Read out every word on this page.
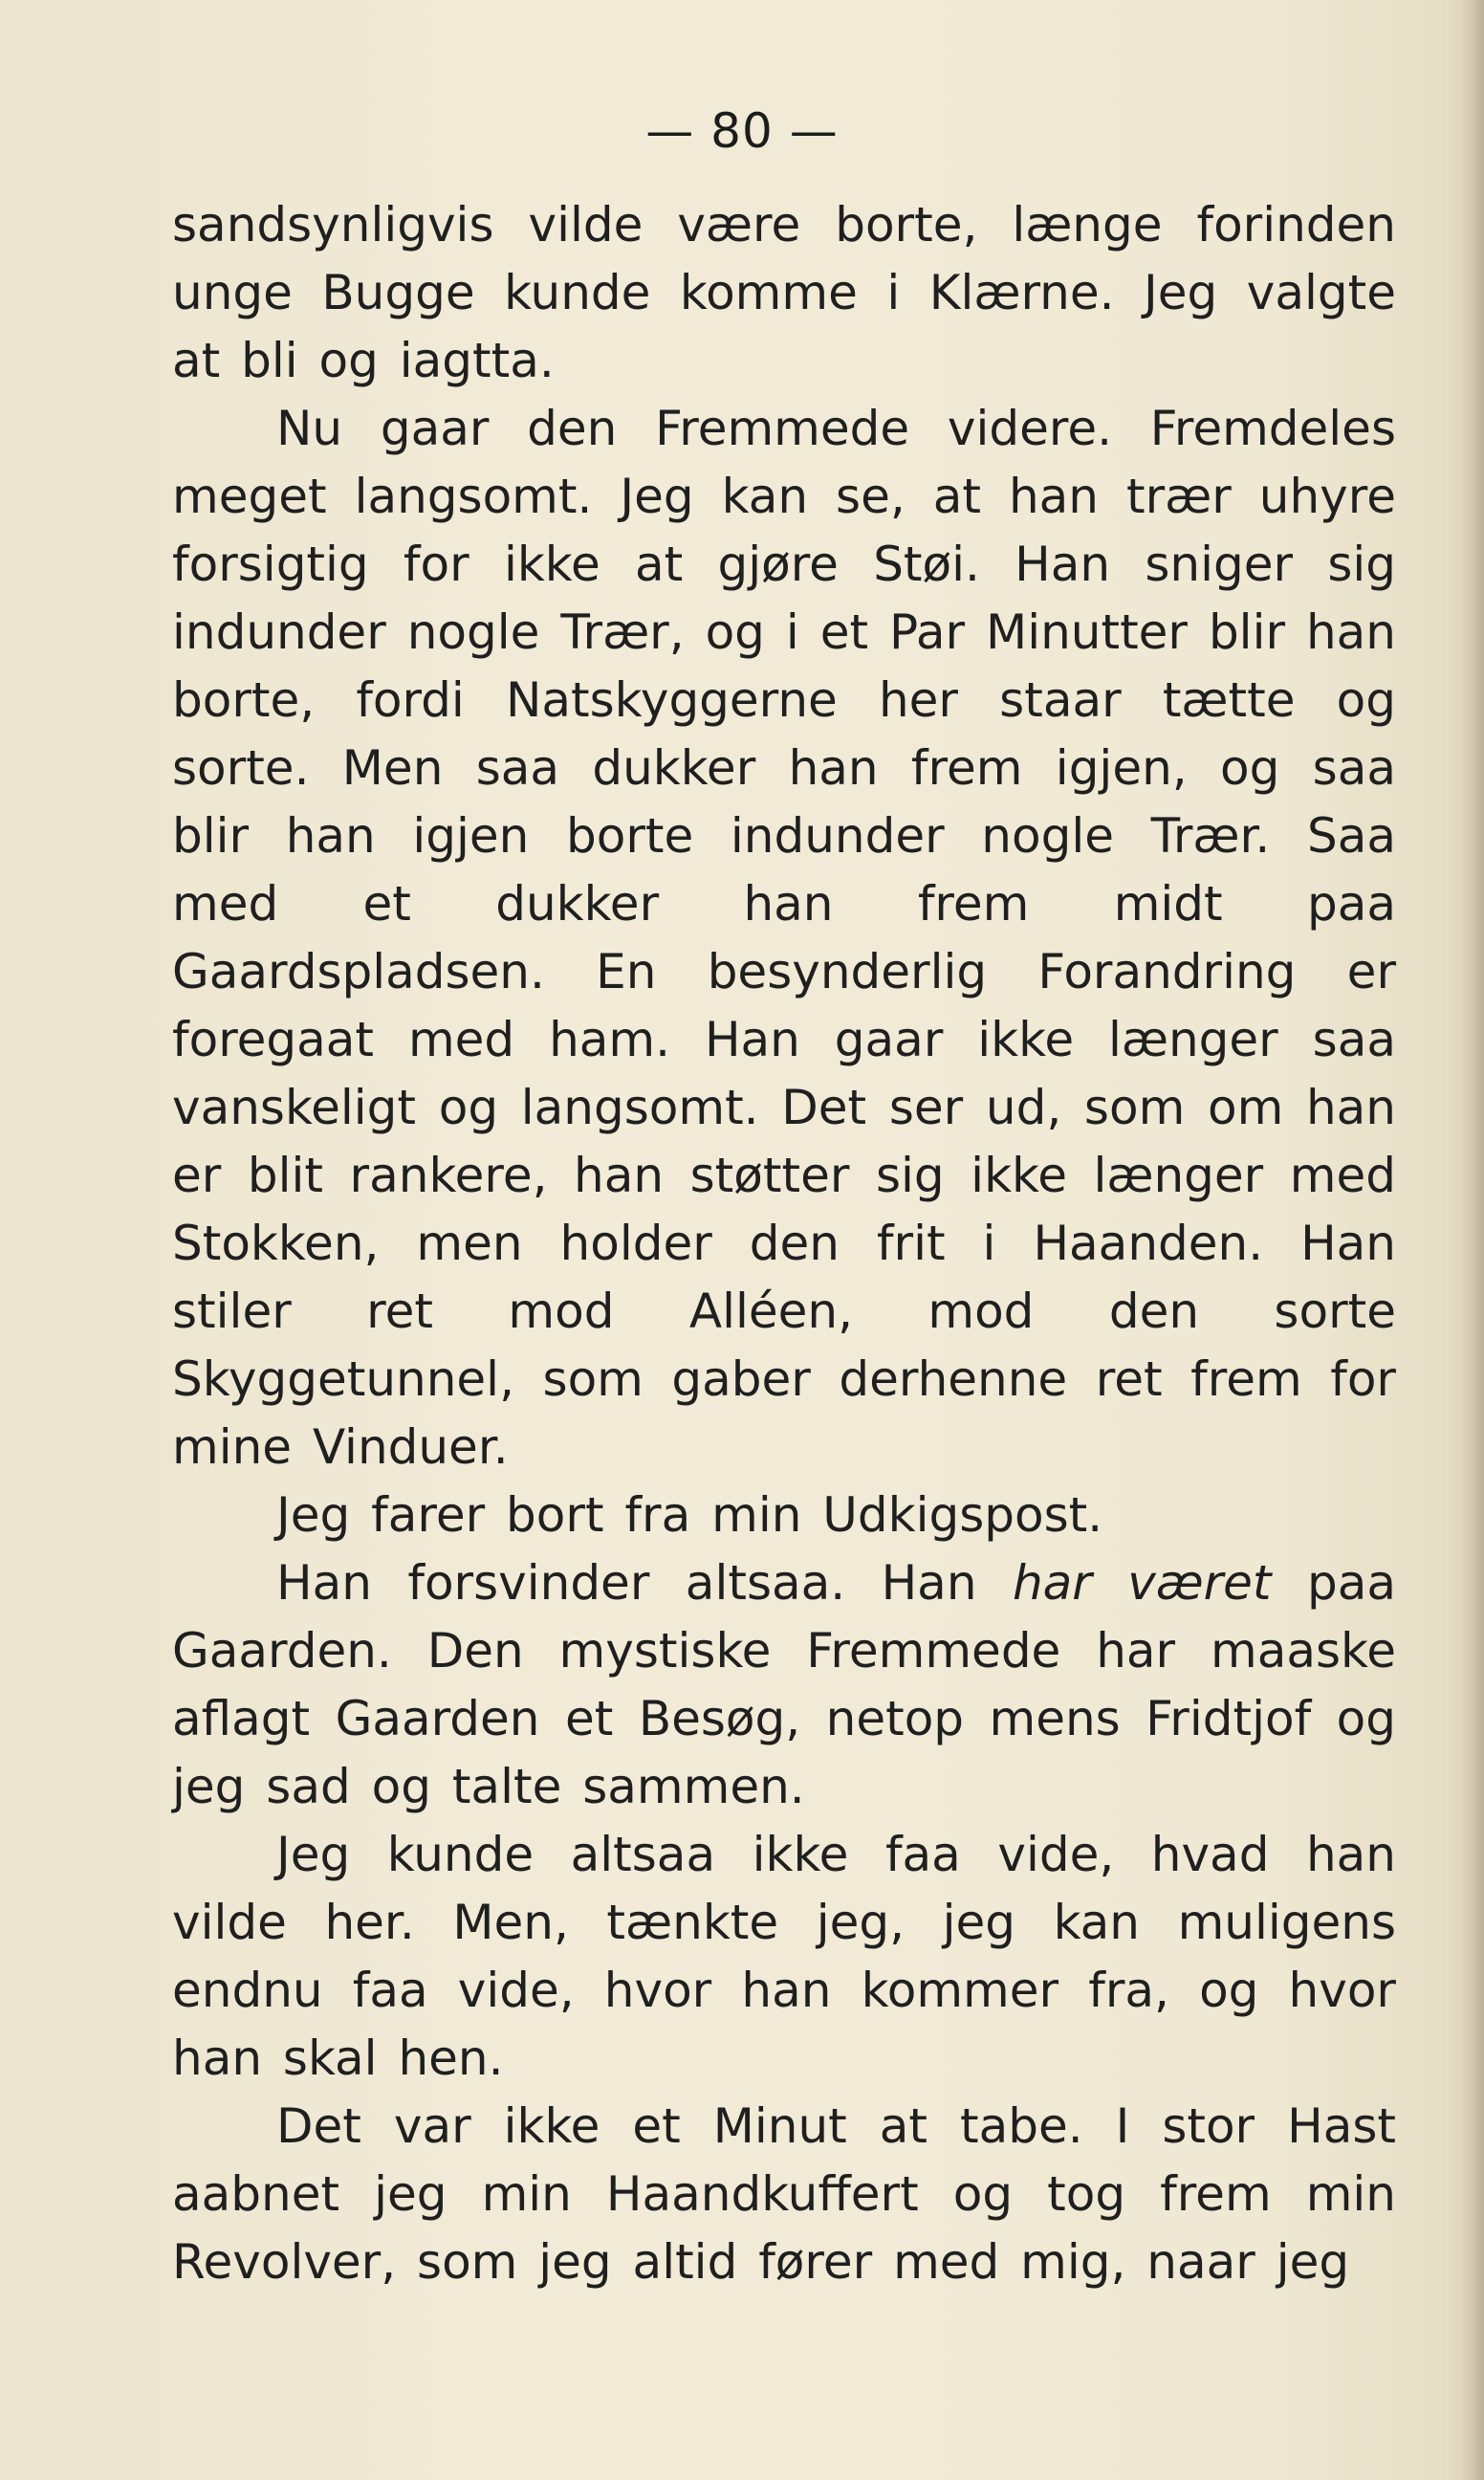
— 80 —

sandsynligvis vilde være borte, længe forinden unge Bugge kunde komme i Klærne. Jeg valgte at bli og iagtta.

Nu gaar den Fremmede videre. Fremdeles meget langsomt. Jeg kan se, at han trær uhyre forsigtig for ikke at gjøre Støi. Han sniger sig indunder nogle Trær, og i et Par Minutter blir han borte, fordi Natskyggerne her staar tætte og sorte. Men saa dukker han frem igjen, og saa blir han igjen borte indunder nogle Trær. Saa med et dukker han frem midt paa Gaardspladsen. En besynderlig Forandring er foregaat med ham. Han gaar ikke længer saa vanskeligt og langsomt. Det ser ud, som om han er blit rankere, han støtter sig ikke længer med Stokken, men holder den frit i Haanden. Han stiler ret mod Alléen, mod den sorte Skyggetunnel, som gaber derhenne ret frem for mine Vinduer.

Jeg farer bort fra min Udkigspost.

Han forsvinder altsaa. Han har været paa Gaarden. Den mystiske Fremmede har maaske aflagt Gaarden et Besøg, netop mens Fridtjof og jeg sad og talte sammen.

Jeg kunde altsaa ikke faa vide, hvad han vilde her. Men, tænkte jeg, jeg kan muligens endnu faa vide, hvor han kommer fra, og hvor han skal hen.

Det var ikke et Minut at tabe. I stor Hast aabnet jeg min Haandkuffert og tog frem min Revolver, som jeg altid fører med mig, naar jeg
